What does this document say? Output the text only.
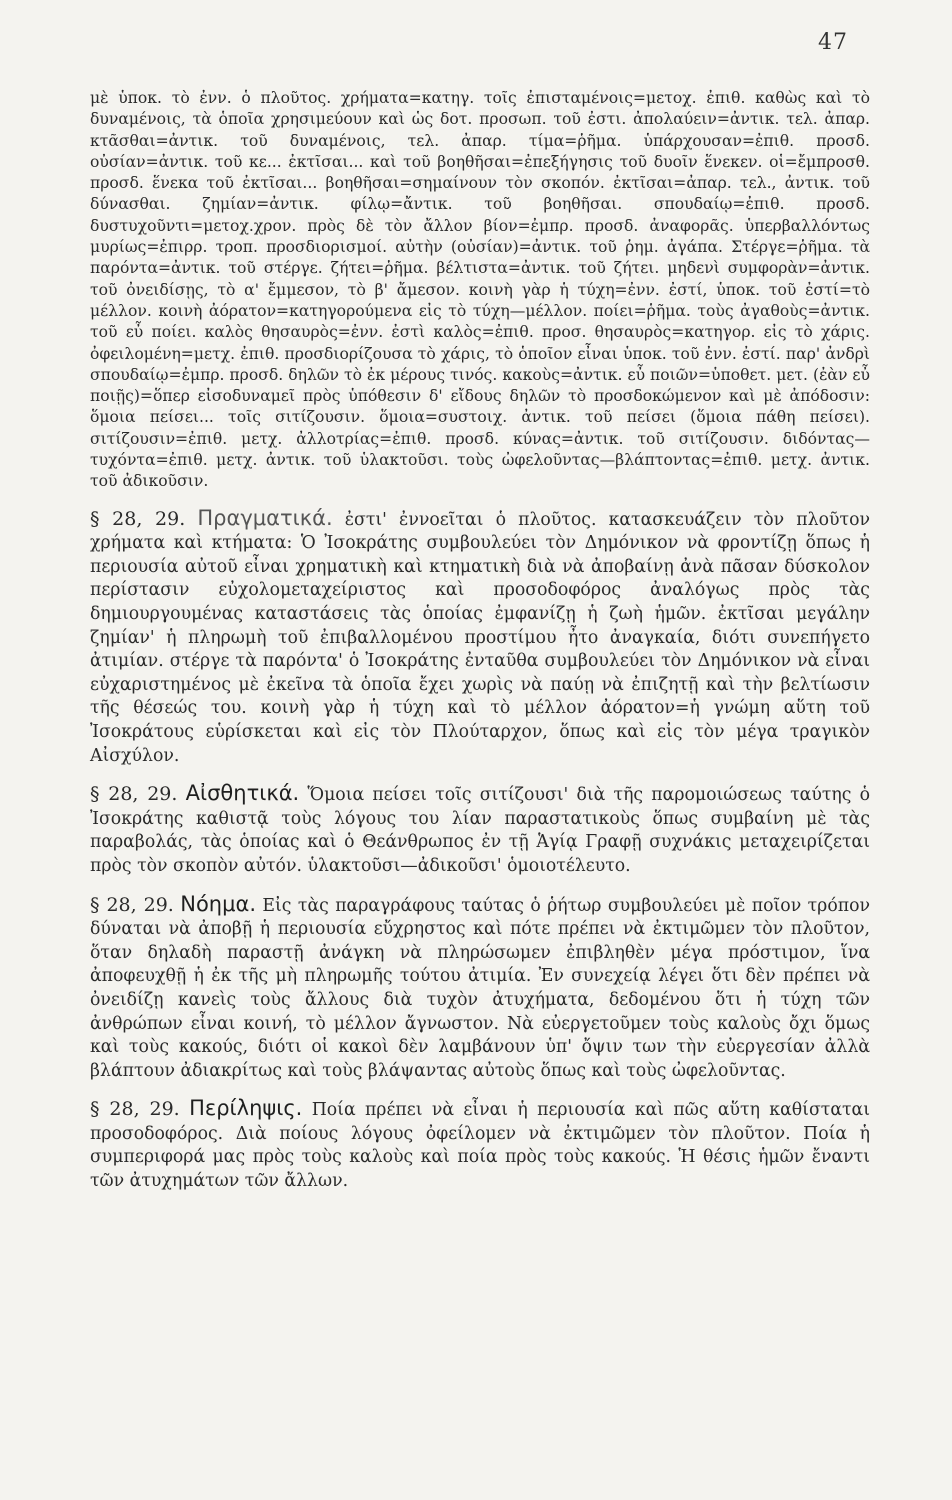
47

μὲ ὑποκ. τὸ ἐνν. ὁ πλοῦτος. χρήματα=κατηγ. τοῖς ἐπισταμένοις=μετοχ. ἐπιθ. καθὼς καὶ τὸ δυναμένοις, τὰ ὁποῖα χρησιμεύουν καὶ ὡς δοτ. προσωπ. τοῦ ἐστι. ἀπολαύειν=ἀντικ. τελ. ἀπαρ. κτᾶσθαι=ἀντικ. τοῦ δυναμένοις, τελ. ἀπαρ. τίμα=ῥῆμα. ὑπάρχουσαν=ἐπιθ. προσδ. οὐσίαν=ἀντικ. τοῦ κε... ἐκτῖσαι... καὶ τοῦ βοηθῆσαι=ἐπεξήγησις τοῦ δυοῖν ἕνεκεν. οἱ=ἔμπροσθ. προσδ. ἕνεκα τοῦ ἐκτῖσαι... βοηθῆσαι=σημαίνουν τὸν σκοπόν. ἐκτῖσαι=ἀπαρ. τελ., ἀντικ. τοῦ δύνασθαι. ζημίαν=ἀντικ. φίλῳ=ἄντικ. τοῦ βοηθῆσαι. σπουδαίῳ=ἐπιθ. προσδ. δυστυχοῦντι=μετοχ.χρον. πρὸς δὲ τὸν ἄλλον βίον=ἐμπρ. προσδ. ἀναφορᾶς. ὑπερβαλλόντως μυρίως=ἐπιρρ. τροπ. προσδιορισμοί. αὐτὴν (οὐσίαν)=ἀντικ. τοῦ ῥημ. ἀγάπα. Στέργε=ῥῆμα. τὰ παρόντα=ἀντικ. τοῦ στέργε. ζήτει=ῥῆμα. βέλτιστα=ἀντικ. τοῦ ζήτει. μηδενὶ συμφορὰν=ἀντικ. τοῦ ὀνειδίσῃς, τὸ α' ἔμμεσον, τὸ β' ἄμεσον. κοινὴ γὰρ ἡ τύχη=ἐνν. ἐστί, ὑποκ. τοῦ ἐστί=τὸ μέλλον. κοινὴ ἀόρατον=κατηγορούμενα εἰς τὸ τύχη—μέλλον. ποίει=ῥῆμα. τοὺς ἀγαθοὺς=ἀντικ. τοῦ εὖ ποίει. καλὸς θησαυρὸς=ἐνν. ἐστὶ καλὸς=ἐπιθ. προσ. θησαυρὸς=κατηγορ. εἰς τὸ χάρις. ὀφειλομένη=μετχ. ἐπιθ. προσδιορίζουσα τὸ χάρις, τὸ ὁποῖον εἶναι ὑποκ. τοῦ ἐνν. ἐστί. παρ' ἀνδρὶ σπουδαίῳ=ἐμπρ. προσδ. δηλῶν τὸ ἐκ μέρους τινός. κακοὺς=ἀντικ. εὖ ποιῶν=ὑποθετ. μετ. (ἐὰν εὖ ποιῇς)=ὅπερ εἰσοδυναμεῖ πρὸς ὑπόθεσιν δ' εἴδους δηλῶν τὸ προσδοκώμενον καὶ μὲ ἀπόδοσιν: ὅμοια πείσει... τοῖς σιτίζουσιν. ὅμοια=συστοιχ. ἀντικ. τοῦ πείσει (ὅμοια πάθη πείσει). σιτίζουσιν=ἐπιθ. μετχ. ἀλλοτρίας=ἐπιθ. προσδ. κύνας=ἀντικ. τοῦ σιτίζουσιν. διδόντας—τυχόντα=ἐπιθ. μετχ. ἀντικ. τοῦ ὑλακτοῦσι. τοὺς ὠφελοῦντας—βλάπτοντας=ἐπιθ. μετχ. ἀντικ. τοῦ ἀδικοῦσιν.

§ 28, 29. Πραγματικά. ἐστι' ἐννοεῖται ὁ πλοῦτος. κατασκευάζειν τὸν πλοῦτον χρήματα καὶ κτήματα: Ὁ Ἰσοκράτης συμβουλεύει τὸν Δημόνικον νὰ φροντίζῃ ὅπως ἡ περιουσία αὐτοῦ εἶναι χρηματικὴ καὶ κτηματικὴ διὰ νὰ ἀποβαίνῃ ἀνὰ πᾶσαν δύσκολον περίστασιν εὐχολομεταχείριστος καὶ προσοδοφόρος ἀναλόγως πρὸς τὰς δημιουργουμένας καταστάσεις τὰς ὁποίας ἐμφανίζῃ ἡ ζωὴ ἡμῶν. ἐκτῖσαι μεγάλην ζημίαν' ἡ πληρωμὴ τοῦ ἐπιβαλλομένου προστίμου ἦτο ἀναγκαία, διότι συνεπήγετο ἀτιμίαν. στέργε τὰ παρόντα' ὁ Ἰσοκράτης ἐνταῦθα συμβουλεύει τὸν Δημόνικον νὰ εἶναι εὐχαριστημένος μὲ ἐκεῖνα τὰ ὁποῖα ἔχει χωρὶς νὰ παύῃ νὰ ἐπιζητῇ καὶ τὴν βελτίωσιν τῆς θέσεώς του. κοινὴ γὰρ ἡ τύχη καὶ τὸ μέλλον ἀόρατον=ἡ γνώμη αὕτη τοῦ Ἰσοκράτους εὑρίσκεται καὶ εἰς τὸν Πλούταρχον, ὅπως καὶ εἰς τὸν μέγα τραγικὸν Αἰσχύλον.

§ 28, 29. Αἰσθητικά. Ὅμοια πείσει τοῖς σιτίζουσι' διὰ τῆς παρομοιώσεως ταύτης ὁ Ἰσοκράτης καθιστᾷ τοὺς λόγους του λίαν παραστατικοὺς ὅπως συμβαίνη μὲ τὰς παραβολάς, τὰς ὁποίας καὶ ὁ Θεάνθρωπος ἐν τῇ Ἁγίᾳ Γραφῇ συχνάκις μεταχειρίζεται πρὸς τὸν σκοπὸν αὐτόν. ὑλακτοῦσι—ἀδικοῦσι' ὁμοιοτέλευτο.

§ 28, 29. Νόημα. Εἰς τὰς παραγράφους ταύτας ὁ ῥήτωρ συμβουλεύει μὲ ποῖον τρόπον δύναται νὰ ἀποβῇ ἡ περιουσία εὔχρηστος καὶ πότε πρέπει νὰ ἐκτιμῶμεν τὸν πλοῦτον, ὅταν δηλαδὴ παραστῇ ἀνάγκη νὰ πληρώσωμεν ἐπιβληθὲν μέγα πρόστιμον, ἵνα ἀποφευχθῇ ἡ ἐκ τῆς μὴ πληρωμῆς τούτου ἀτιμία. Ἐν συνεχείᾳ λέγει ὅτι δὲν πρέπει νὰ ὀνειδίζῃ κανεὶς τοὺς ἄλλους διὰ τυχὸν ἀτυχήματα, δεδομένου ὅτι ἡ τύχη τῶν ἀνθρώπων εἶναι κοινή, τὸ μέλλον ἄγνωστον. Νὰ εὐεργετοῦμεν τοὺς καλοὺς ὄχι ὅμως καὶ τοὺς κακούς, διότι οἱ κακοὶ δὲν λαμβάνουν ὑπ' ὄψιν των τὴν εὐεργεσίαν ἀλλὰ βλάπτουν ἀδιακρίτως καὶ τοὺς βλάψαντας αὐτοὺς ὅπως καὶ τοὺς ὠφελοῦντας.

§ 28, 29. Περίληψις. Ποία πρέπει νὰ εἶναι ἡ περιουσία καὶ πῶς αὕτη καθίσταται προσοδοφόρος. Διὰ ποίους λόγους ὀφείλομεν νὰ ἐκτιμῶμεν τὸν πλοῦτον. Ποία ἡ συμπεριφορά μας πρὸς τοὺς καλοὺς καὶ ποία πρὸς τοὺς κακούς. Ἡ θέσις ἡμῶν ἔναντι τῶν ἀτυχημάτων τῶν ἄλλων.
